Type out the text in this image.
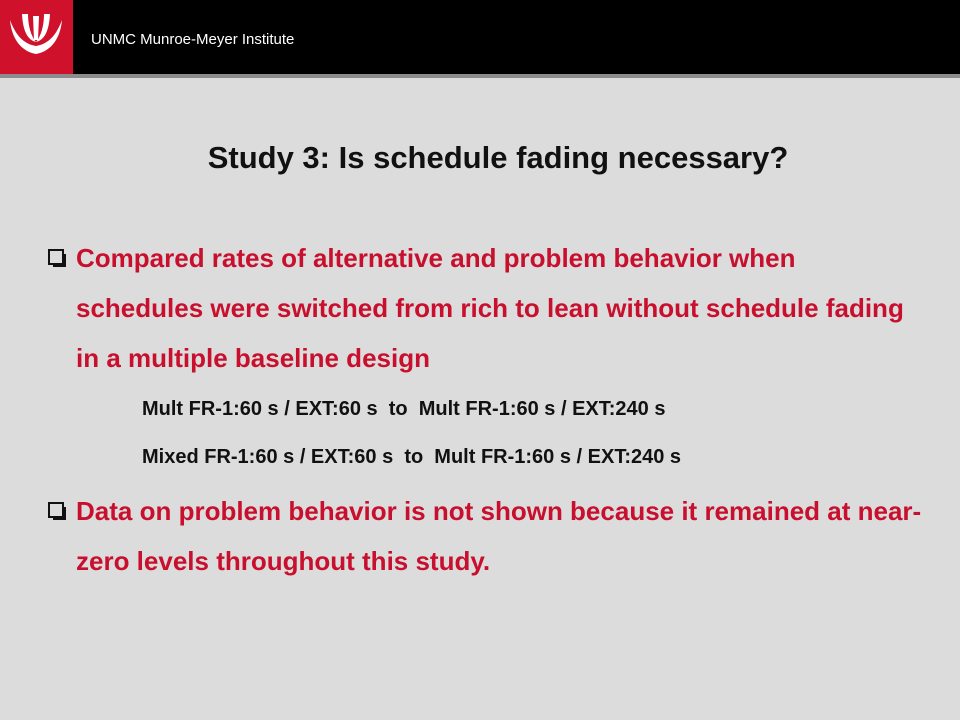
UNMC Munroe-Meyer Institute
Study 3: Is schedule fading necessary?
Compared rates of alternative and problem behavior when schedules were switched from rich to lean without schedule fading in a multiple baseline design
Mult FR-1:60 s / EXT:60 s  to  Mult FR-1:60 s / EXT:240 s
Mixed FR-1:60 s / EXT:60 s  to  Mult FR-1:60 s / EXT:240 s
Data on problem behavior is not shown because it remained at near-zero levels throughout this study.
